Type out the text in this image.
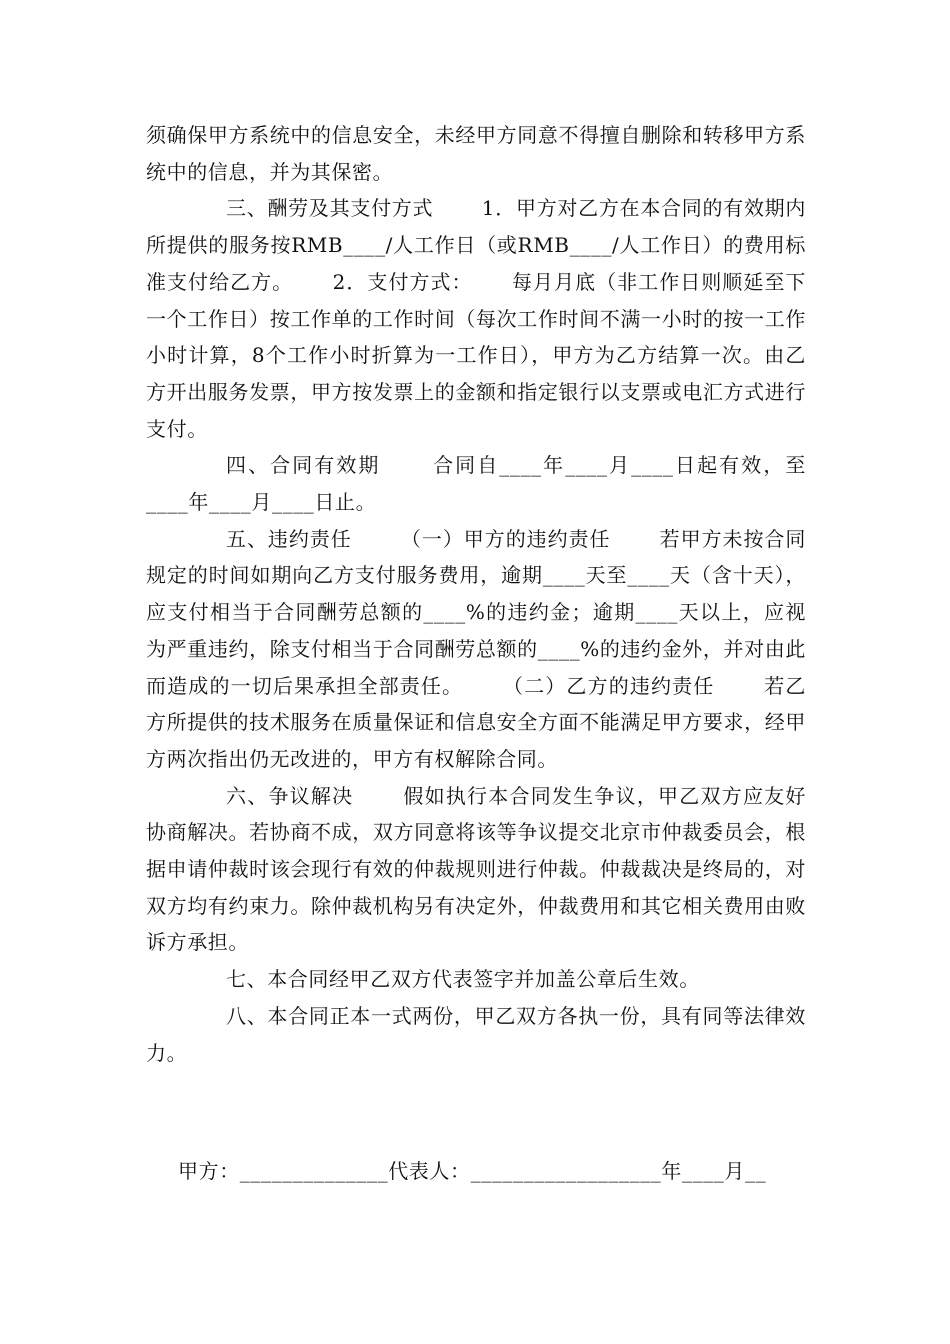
须确保甲方系统中的信息安全，未经甲方同意不得擅自删除和转移甲方系统中的信息，并为其保密。

三、酬劳及其支付方式　　 1．甲方对乙方在本合同的有效期内所提供的服务按RMB____/人工作日（或RMB____/人工作日）的费用标准支付给乙方。　　 2．支付方式：　　 每月月底（非工作日则顺延至下一个工作日）按工作单的工作时间（每次工作时间不满一小时的按一工作小时计算，8个工作小时折算为一工作日），甲方为乙方结算一次。由乙方开出服务发票，甲方按发票上的金额和指定银行以支票或电汇方式进行支付。

四、合同有效期　　 合同自____年____月____日起有效，至____年____月____日止。

五、违约责任　　 （一）甲方的违约责任　　 若甲方未按合同规定的时间如期向乙方支付服务费用，逾期____天至____天（含十天），应支付相当于合同酬劳总额的____%的违约金；逾期____天以上，应视为严重违约，除支付相当于合同酬劳总额的____%的违约金外，并对由此而造成的一切后果承担全部责任。　　 （二）乙方的违约责任　　 若乙方所提供的技术服务在质量保证和信息安全方面不能满足甲方要求，经甲方两次指出仍无改进的，甲方有权解除合同。

六、争议解决　　 假如执行本合同发生争议，甲乙双方应友好协商解决。若协商不成，双方同意将该等争议提交北京市仲裁委员会，根据申请仲裁时该会现行有效的仲裁规则进行仲裁。仲裁裁决是终局的，对双方均有约束力。除仲裁机构另有决定外，仲裁费用和其它相关费用由败诉方承担。

七、本合同经甲乙双方代表签字并加盖公章后生效。

八、本合同正本一式两份，甲乙双方各执一份，具有同等法律效力。

甲方：______________代表人：__________________年____月__
